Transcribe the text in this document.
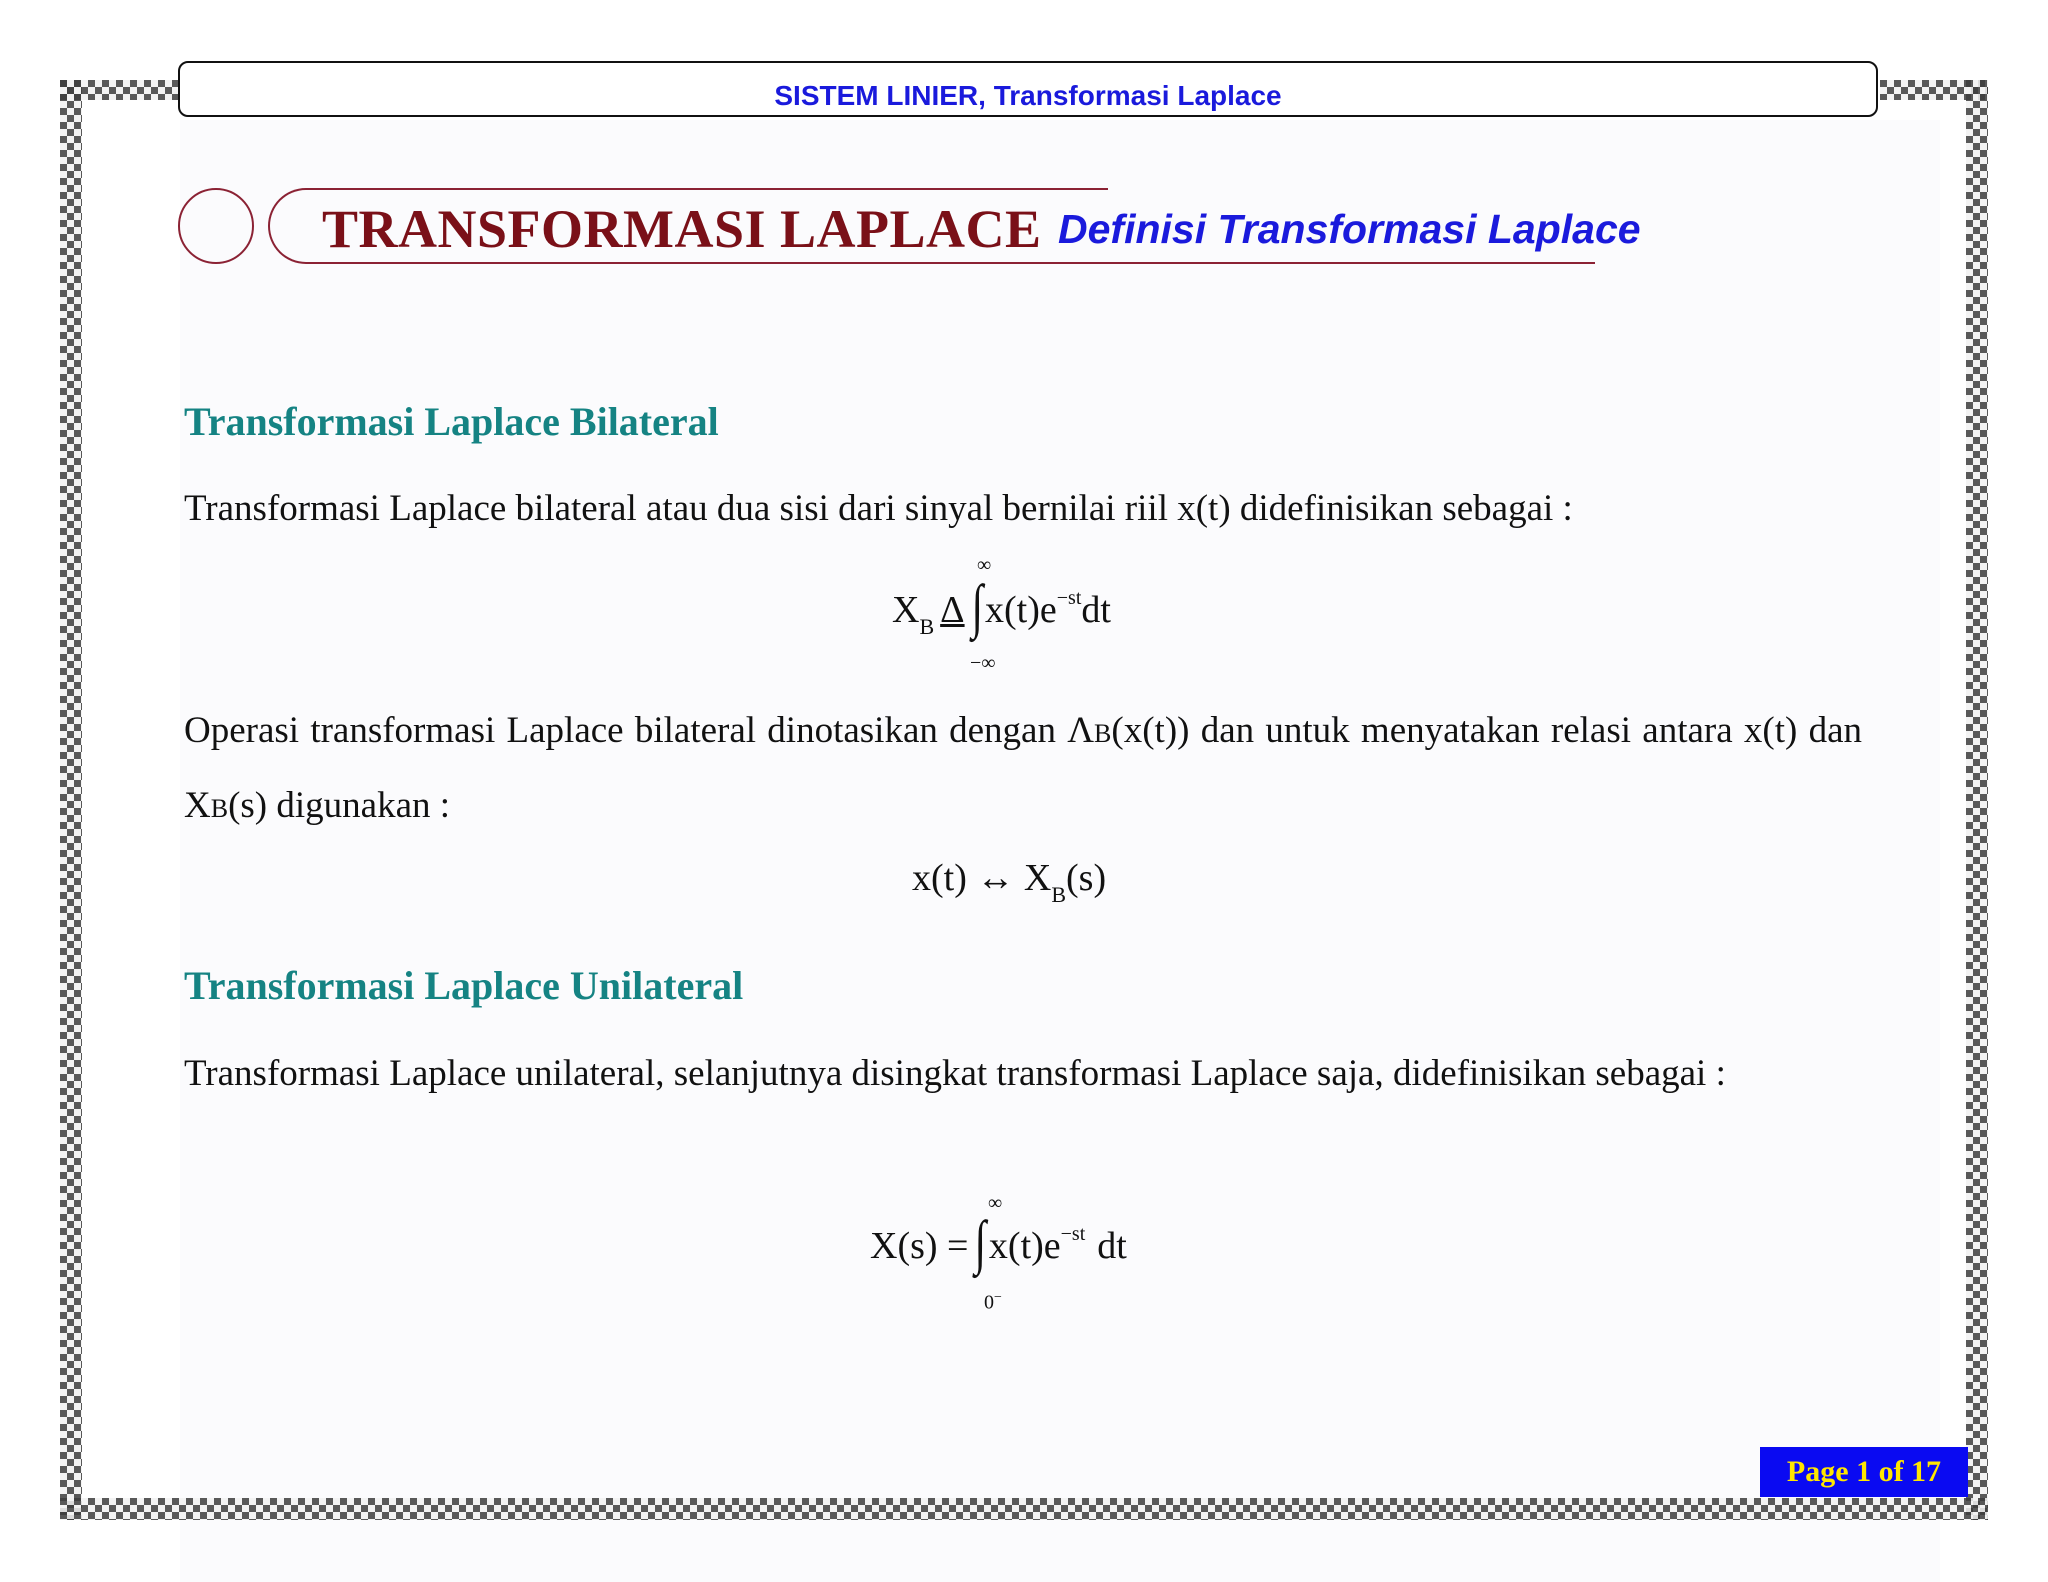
SISTEM LINIER, Transformasi Laplace
TRANSFORMASI LAPLACE Definisi Transformasi Laplace
Transformasi Laplace Bilateral
Transformasi Laplace bilateral atau dua sisi dari sinyal bernilai riil x(t) didefinisikan sebagai :
XB Δ ∫x(t)e−stdt
∞
−∞
Operasi transformasi Laplace bilateral dinotasikan dengan ΛB(x(t)) dan untuk menyatakan relasi antara x(t) dan XB(s) digunakan :
x(t) ↔ XB(s)
Transformasi Laplace Unilateral
Transformasi Laplace unilateral, selanjutnya disingkat transformasi Laplace saja, didefinisikan sebagai :
X(s) = ∫x(t)e−st dt
∞
0−
Page 1 of 17
